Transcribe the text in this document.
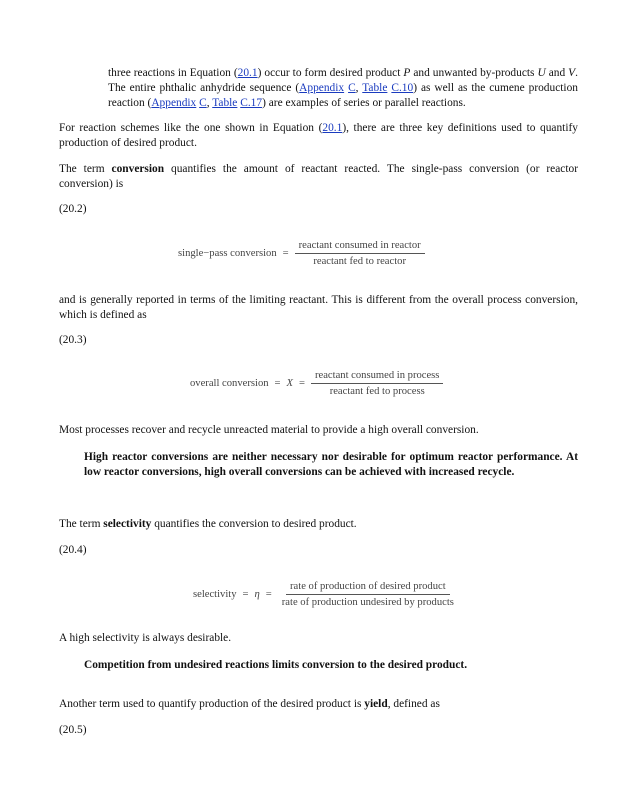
three reactions in Equation (20.1) occur to form desired product P and unwanted by-products U and V. The entire phthalic anhydride sequence (Appendix C, Table C.10) as well as the cumene production reaction (Appendix C, Table C.17) are examples of series or parallel reactions.

For reaction schemes like the one shown in Equation (20.1), there are three key definitions used to quantify production of desired product.

The term conversion quantifies the amount of reactant reacted. The single-pass conversion (or reactor conversion) is

(20.2)

single−pass conversion = $\frac{\text{reactant consumed in reactor}}{\text{reactant fed to reactor}}$

and is generally reported in terms of the limiting reactant. This is different from the overall process conversion, which is defined as

(20.3)

overall conversion = $X = \frac{\text{reactant consumed in process}}{\text{reactant fed to process}}$

Most processes recover and recycle unreacted material to provide a high overall conversion.

High reactor conversions are neither necessary nor desirable for optimum reactor performance. At low reactor conversions, high overall conversions can be achieved with increased recycle.

The term selectivity quantifies the conversion to desired product.

(20.4)

selectivity = $\eta = \frac{\text{rate of production of desired product}}{\text{rate of production undesired by products}}$

A high selectivity is always desirable.

Competition from undesired reactions limits conversion to the desired product.

Another term used to quantify production of the desired product is yield, defined as

(20.5)
